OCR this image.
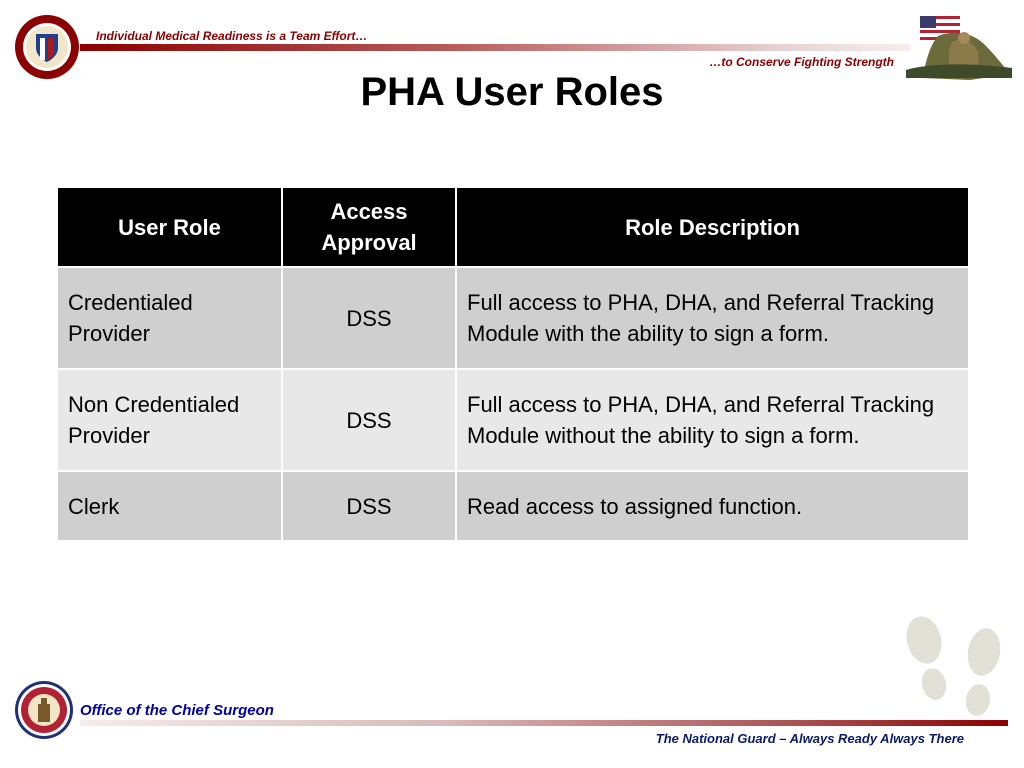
Individual Medical Readiness is a Team Effort…
…to Conserve Fighting Strength
PHA User Roles
User Role	Access Approval	Role Description
Credentialed Provider	DSS	Full access to PHA, DHA, and Referral Tracking Module with the ability to sign a form.
Non Credentialed Provider	DSS	Full access to PHA, DHA, and Referral Tracking Module without the ability to sign a form.
Clerk	DSS	Read access to assigned function.
Office of the Chief Surgeon
The National Guard – Always Ready Always There
